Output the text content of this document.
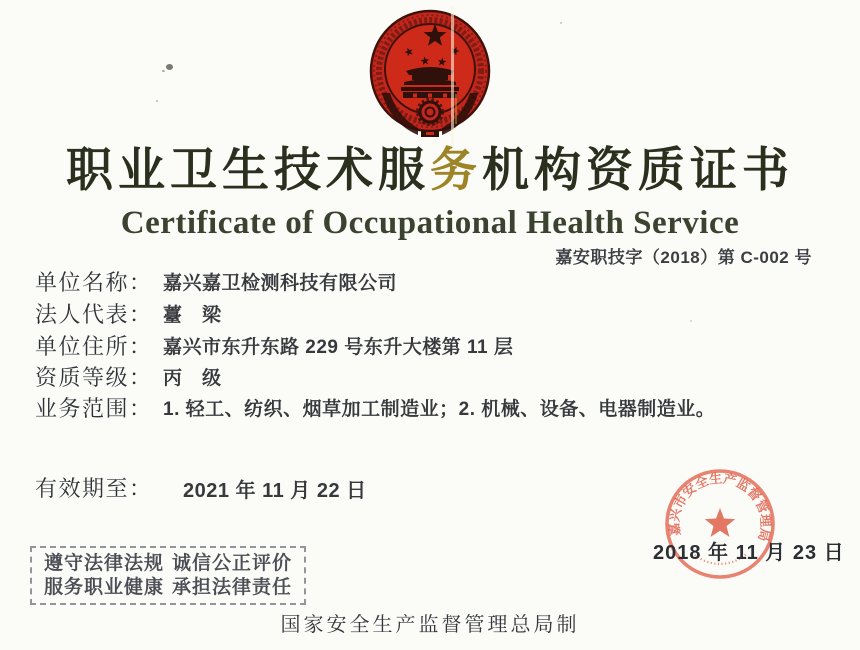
职业卫生技术服务机构资质证书
Certificate of Occupational Health Service
嘉安职技字（2018）第 C-002 号
单位名称： 嘉兴嘉卫检测科技有限公司
法人代表： 薹　梁
单位住所： 嘉兴市东升东路 229 号东升大楼第 11 层
资质等级： 丙　级
业务范围： 1. 轻工、纺织、烟草加工制造业；2. 机械、设备、电器制造业。
有效期至： 2021 年 11 月 22 日
嘉兴市安全生产监督管理局
2018 年 11 月 23 日
遵守法律法规 诚信公正评价
服务职业健康 承担法律责任
国家安全生产监督管理总局制
